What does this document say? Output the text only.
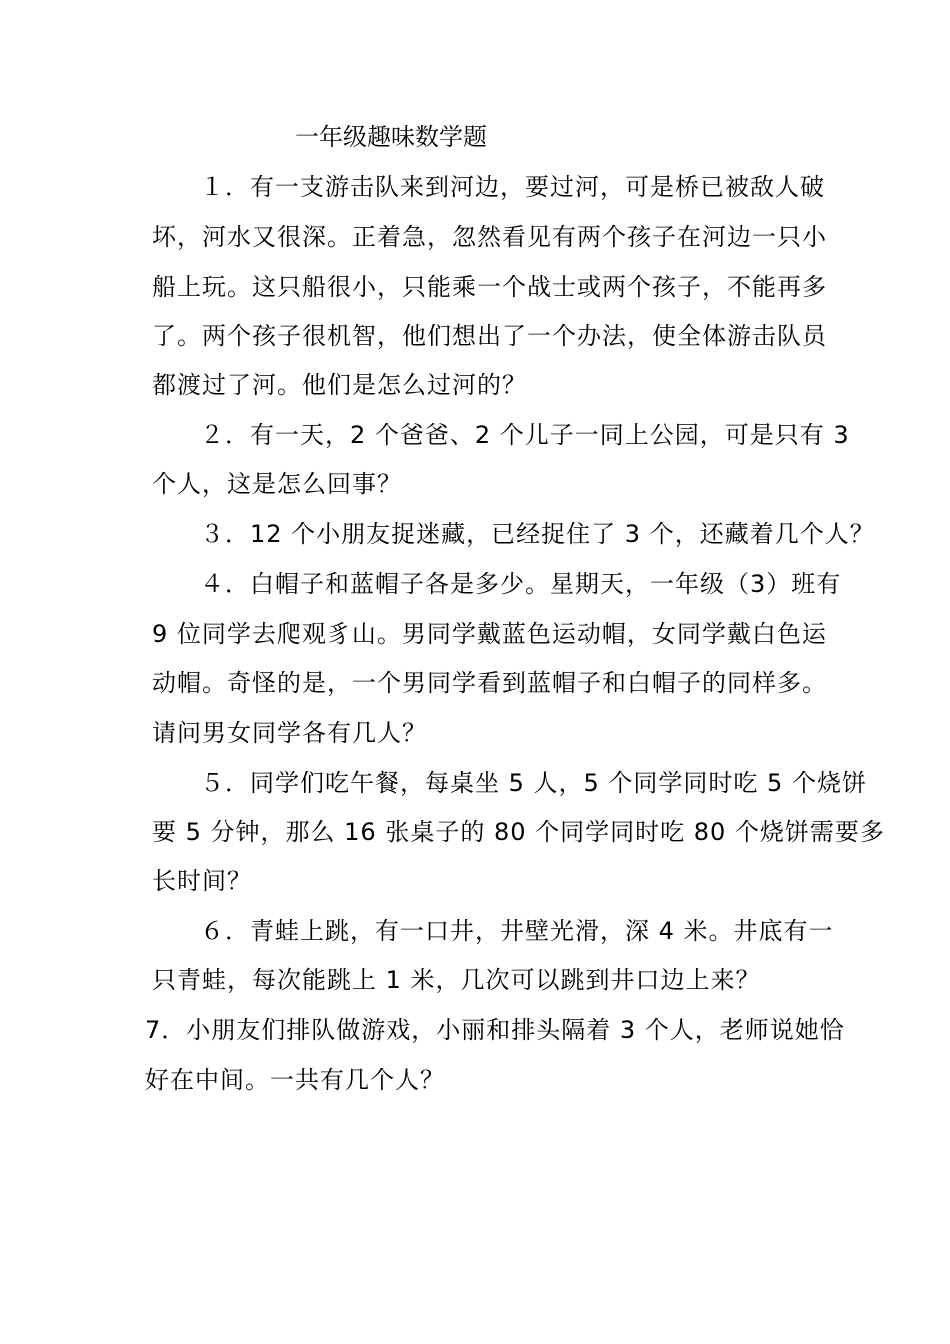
一年级趣味数学题
１．有一支游击队来到河边，要过河，可是桥已被敌人破
坏，河水又很深。正着急，忽然看见有两个孩子在河边一只小
船上玩。这只船很小，只能乘一个战士或两个孩子，不能再多
了。两个孩子很机智，他们想出了一个办法，使全体游击队员
都渡过了河。他们是怎么过河的？
２．有一天，2 个爸爸、2 个儿子一同上公园，可是只有 3
个人，这是怎么回事？
３．12 个小朋友捉迷藏，已经捉住了 3 个，还藏着几个人？
４．白帽子和蓝帽子各是多少。星期天，一年级（3）班有
9 位同学去爬观豸山。男同学戴蓝色运动帽，女同学戴白色运
动帽。奇怪的是，一个男同学看到蓝帽子和白帽子的同样多。
请问男女同学各有几人？
５．同学们吃午餐，每桌坐 5 人，5 个同学同时吃 5 个烧饼
要 5 分钟，那么 16 张桌子的 80 个同学同时吃 80 个烧饼需要多
长时间？
６．青蛙上跳，有一口井，井壁光滑，深 4 米。井底有一
只青蛙，每次能跳上 1 米，几次可以跳到井口边上来？
7．小朋友们排队做游戏，小丽和排头隔着 3 个人，老师说她恰
好在中间。一共有几个人？
